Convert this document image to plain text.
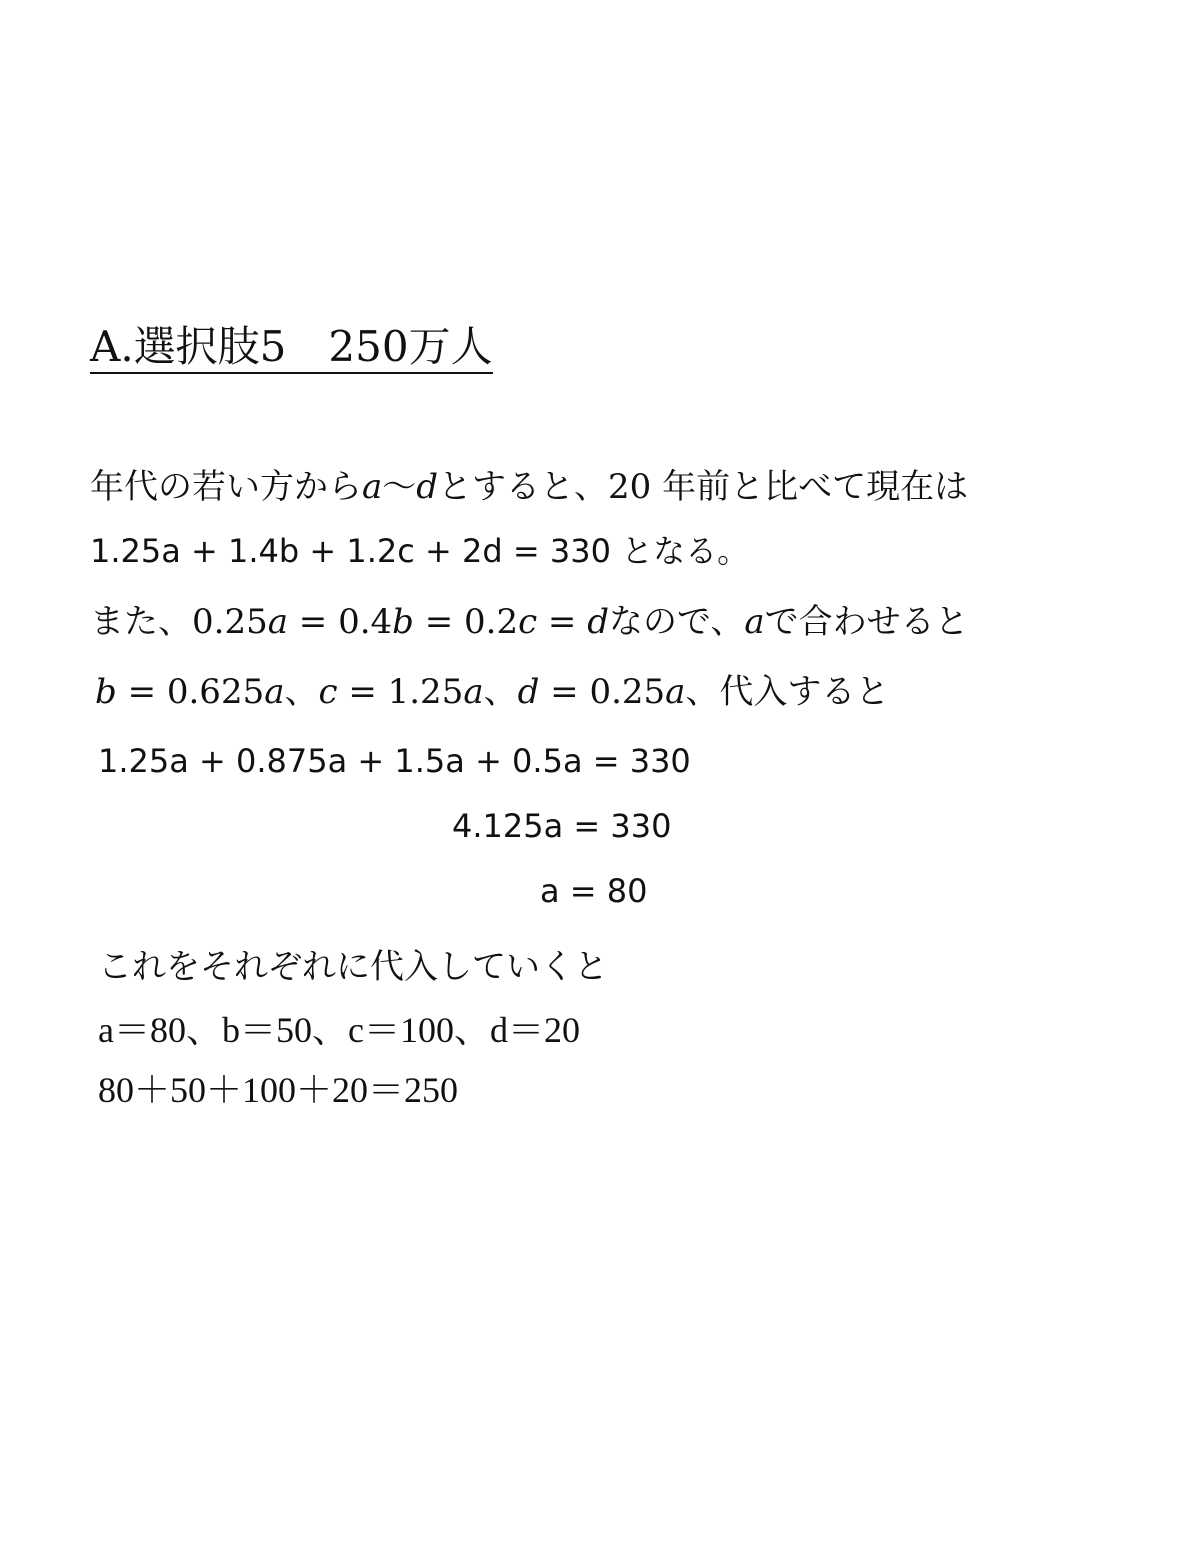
A.選択肢5　250万人
年代の若い方から𝑎～𝑑とすると、20 年前と比べて現在は
1.25a + 1.4b + 1.2c + 2d = 330 となる。
また、0.25𝑎 = 0.4𝑏 = 0.2𝑐 = 𝑑なので、𝑎で合わせると
𝑏 = 0.625𝑎、𝑐 = 1.25𝑎、𝑑 = 0.25𝑎、代入すると
1.25a + 0.875a + 1.5a + 0.5a = 330
4.125a = 330
a = 80
これをそれぞれに代入していくと
a＝80、b＝50、c＝100、d＝20
80＋50＋100＋20＝250
